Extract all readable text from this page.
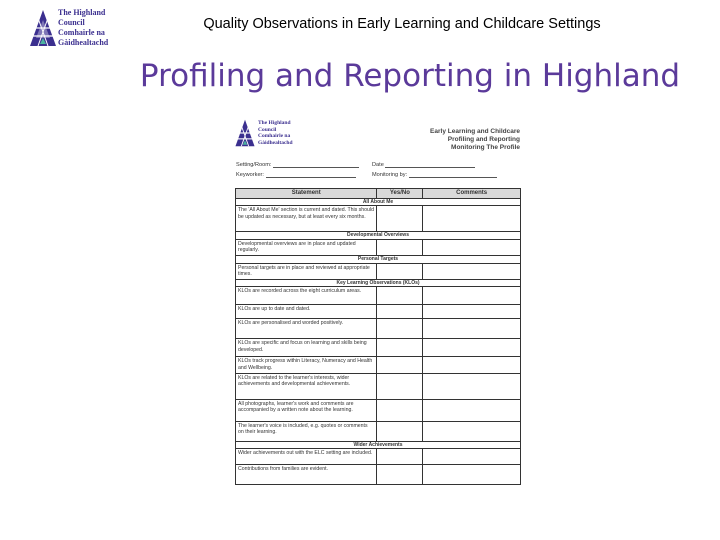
The Highland
Council
Comhairle na
Gàidhealtachd
Quality Observations in Early Learning and Childcare Settings
Profiling and Reporting in Highland
The Highland
Council
Comhairle na
Gàidhealtachd
Early Learning and Childcare
Profiling and Reporting
Monitoring The Profile
Setting/Room:	Date
Keyworker:	Monitoring by:
Statement	Yes/No	Comments
All About Me		
The 'All About Me' section is current and dated. This should be updated as necessary, but at least every six months.		
Developmental Overviews		
Developmental overviews are in place and updated regularly.		
Personal Targets		
Personal targets are in place and reviewed at appropriate times.		
Key Learning Observations (KLOs)		
KLOs are recorded across the eight curriculum areas.		
KLOs are up to date and dated.		
KLOs are personalised and worded positively.		
KLOs are specific and focus on learning and skills being developed.		
KLOs track progress within Literacy, Numeracy and Health and Wellbeing.		
KLOs are related to the learner's interests, wider achievements and developmental achievements.		
All photographs, learner's work and comments are accompanied by a written note about the learning.		
The learner's voice is included, e.g. quotes or comments on their learning.		
Wider Achievements		
Wider achievements out with the ELC setting are included.		
Contributions from families are evident.		
